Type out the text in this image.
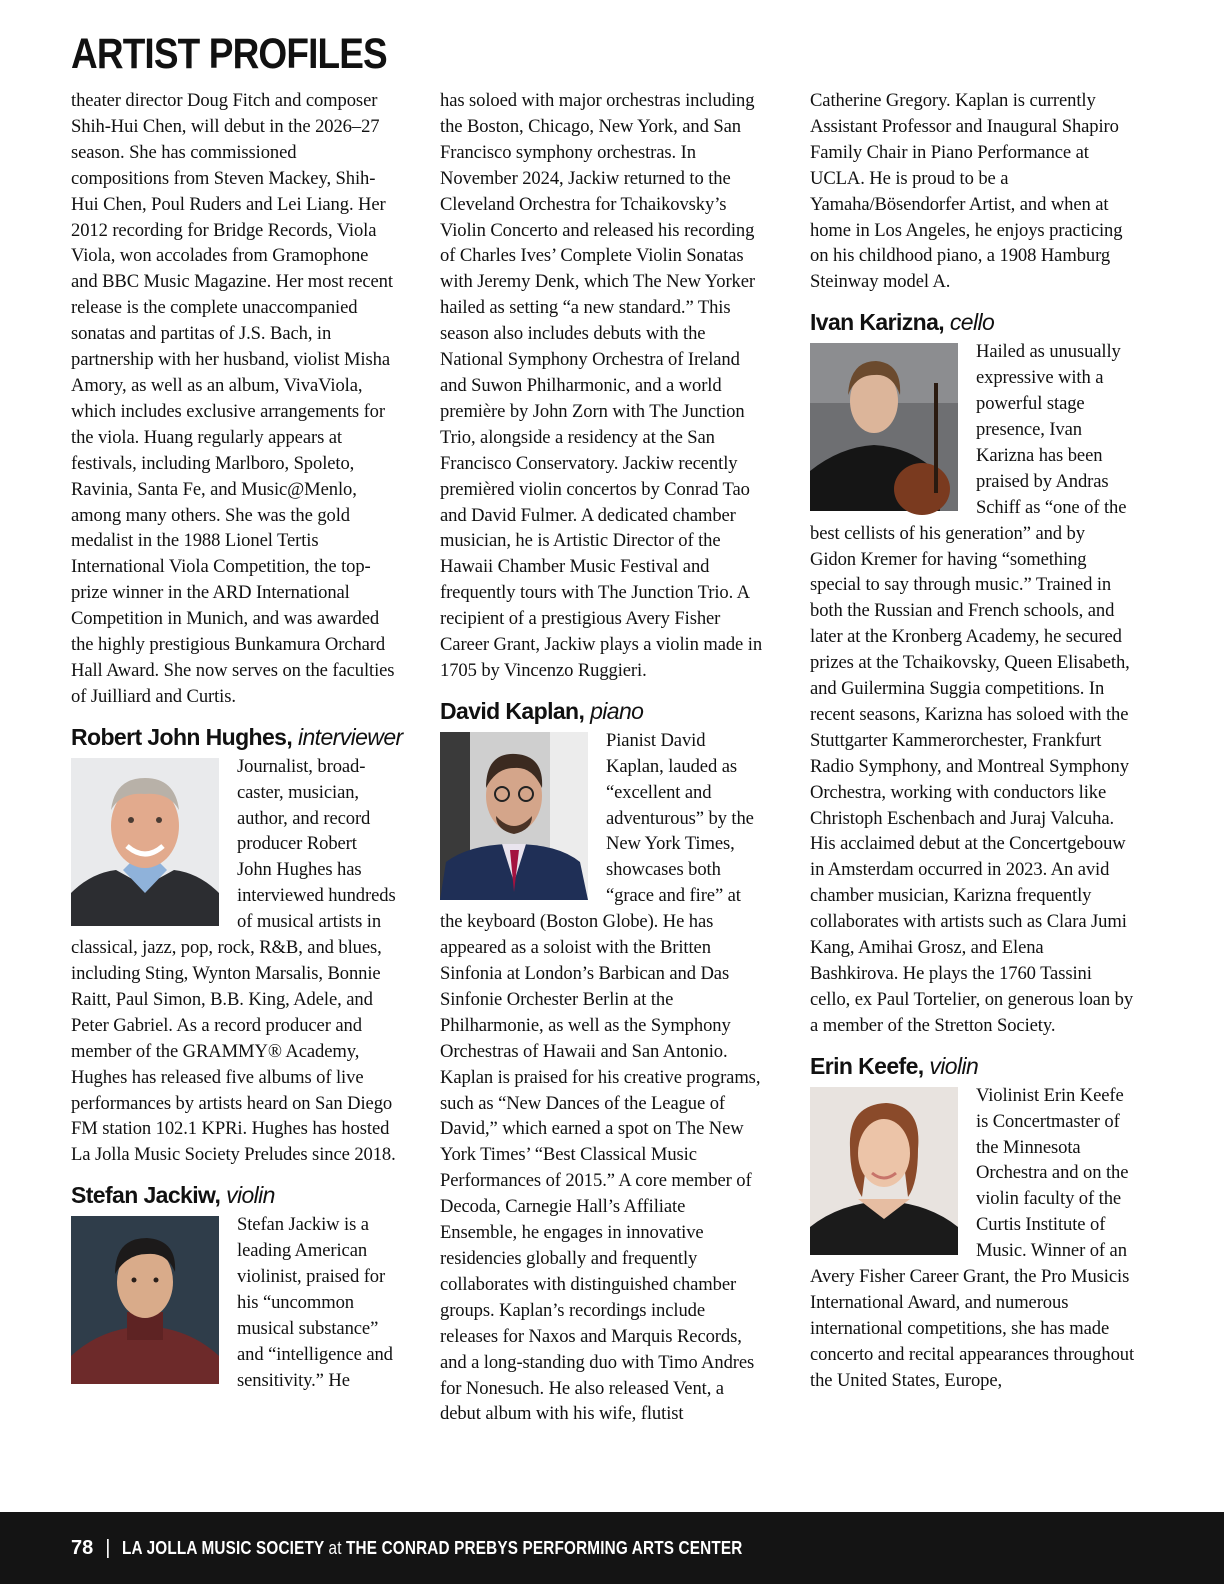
ARTIST PROFILES

theater director Doug Fitch and composer Shih-Hui Chen, will debut in the 2026–27 season. She has commissioned compositions from Steven Mackey, Shih-Hui Chen, Poul Ruders and Lei Liang. Her 2012 recording for Bridge Records, Viola Viola, won accolades from Gramophone and BBC Music Magazine. Her most recent release is the complete unaccompanied sonatas and partitas of J.S. Bach, in partnership with her husband, violist Misha Amory, as well as an album, VivaViola, which includes exclusive arrangements for the viola. Huang regularly appears at festivals, including Marlboro, Spoleto, Ravinia, Santa Fe, and Music@Menlo, among many others. She was the gold medalist in the 1988 Lionel Tertis International Viola Competition, the top-prize winner in the ARD International Competition in Munich, and was awarded the highly prestigious Bunkamura Orchard Hall Award. She now serves on the faculties of Juilliard and Curtis.

Robert John Hughes, interviewer

Journalist, broad-caster, musician, author, and record producer Robert John Hughes has interviewed hundreds of musical artists in classical, jazz, pop, rock, R&B, and blues, including Sting, Wynton Marsalis, Bonnie Raitt, Paul Simon, B.B. King, Adele, and Peter Gabriel. As a record producer and member of the GRAMMY® Academy, Hughes has released five albums of live performances by artists heard on San Diego FM station 102.1 KPRi. Hughes has hosted La Jolla Music Society Preludes since 2018.

Stefan Jackiw, violin

Stefan Jackiw is a leading American violinist, praised for his “uncommon musical substance” and “intelligence and sensitivity.” He

has soloed with major orchestras including the Boston, Chicago, New York, and San Francisco symphony orchestras. In November 2024, Jackiw returned to the Cleveland Orchestra for Tchaikovsky’s Violin Concerto and released his recording of Charles Ives’ Complete Violin Sonatas with Jeremy Denk, which The New Yorker hailed as setting “a new standard.” This season also includes debuts with the National Symphony Orchestra of Ireland and Suwon Philharmonic, and a world première by John Zorn with The Junction Trio, alongside a residency at the San Francisco Conservatory. Jackiw recently premièred violin concertos by Conrad Tao and David Fulmer. A dedicated chamber musician, he is Artistic Director of the Hawaii Chamber Music Festival and frequently tours with The Junction Trio. A recipient of a prestigious Avery Fisher Career Grant, Jackiw plays a violin made in 1705 by Vincenzo Ruggieri.

David Kaplan, piano

Pianist David Kaplan, lauded as “excellent and adventurous” by the New York Times, showcases both “grace and fire” at the keyboard (Boston Globe). He has appeared as a soloist with the Britten Sinfonia at London’s Barbican and Das Sinfonie Orchester Berlin at the Philharmonie, as well as the Symphony Orchestras of Hawaii and San Antonio. Kaplan is praised for his creative programs, such as “New Dances of the League of David,” which earned a spot on The New York Times’ “Best Classical Music Performances of 2015.” A core member of Decoda, Carnegie Hall’s Affiliate Ensemble, he engages in innovative residencies globally and frequently collaborates with distinguished chamber groups. Kaplan’s recordings include releases for Naxos and Marquis Records, and a long-standing duo with Timo Andres for Nonesuch. He also released Vent, a debut album with his wife, flutist

Catherine Gregory. Kaplan is currently Assistant Professor and Inaugural Shapiro Family Chair in Piano Performance at UCLA. He is proud to be a Yamaha/Bösendorfer Artist, and when at home in Los Angeles, he enjoys practicing on his childhood piano, a 1908 Hamburg Steinway model A.

Ivan Karizna, cello

Hailed as unusually expressive with a powerful stage presence, Ivan Karizna has been praised by Andras Schiff as “one of the best cellists of his generation” and by Gidon Kremer for having “something special to say through music.” Trained in both the Russian and French schools, and later at the Kronberg Academy, he secured prizes at the Tchaikovsky, Queen Elisabeth, and Guilermina Suggia competitions. In recent seasons, Karizna has soloed with the Stuttgarter Kammerorchester, Frankfurt Radio Symphony, and Montreal Symphony Orchestra, working with conductors like Christoph Eschenbach and Juraj Valcuha. His acclaimed debut at the Concertgebouw in Amsterdam occurred in 2023. An avid chamber musician, Karizna frequently collaborates with artists such as Clara Jumi Kang, Amihai Grosz, and Elena Bashkirova. He plays the 1760 Tassini cello, ex Paul Tortelier, on generous loan by a member of the Stretton Society.

Erin Keefe, violin

Violinist Erin Keefe is Concertmaster of the Minnesota Orchestra and on the violin faculty of the Curtis Institute of Music. Winner of an Avery Fisher Career Grant, the Pro Musicis International Award, and numerous international competitions, she has made concerto and recital appearances throughout the United States, Europe,

78 | LA JOLLA MUSIC SOCIETY at THE CONRAD PREBYS PERFORMING ARTS CENTER
